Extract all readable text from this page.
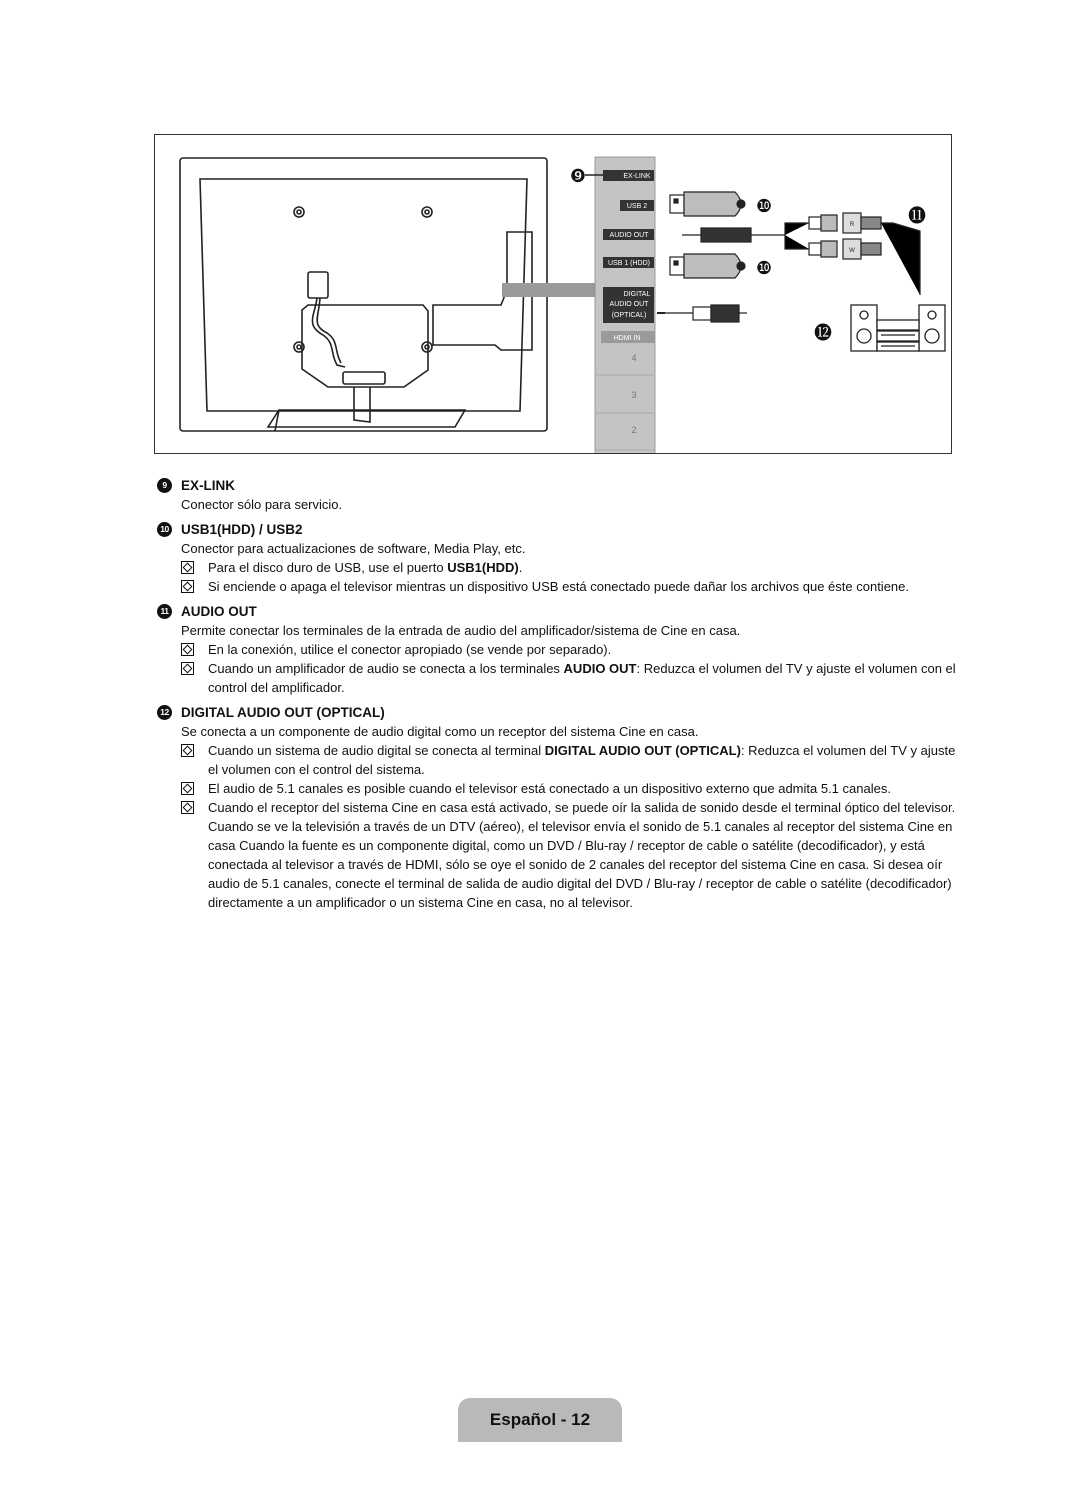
EX-LINK
USB 2
AUDIO OUT
USB 1 (HDD)
DIGITAL
AUDIO OUT
(OPTICAL)
HDMI IN
4
3
2
R
W
❾
❿	⓫
❿
⓬
9	EX-LINK
Conector sólo para servicio.
10 USB1(HDD) / USB2
Conector para actualizaciones de software, Media Play, etc.
Para el disco duro de USB, use el puerto USB1(HDD).
Si enciende o apaga el televisor mientras un dispositivo USB está conectado puede dañar los archivos que éste contiene.
11 AUDIO OUT
Permite conectar los terminales de la entrada de audio del amplificador/sistema de Cine en casa.
En la conexión, utilice el conector apropiado (se vende por separado).
Cuando un amplificador de audio se conecta a los terminales AUDIO OUT: Reduzca el volumen del TV y ajuste el volumen con el control del amplificador.
12 DIGITAL AUDIO OUT (OPTICAL)
Se conecta a un componente de audio digital como un receptor del sistema Cine en casa.
Cuando un sistema de audio digital se conecta al terminal DIGITAL AUDIO OUT (OPTICAL): Reduzca el volumen del TV y ajuste el volumen con el control del sistema.
El audio de 5.1 canales es posible cuando el televisor está conectado a un dispositivo externo que admita 5.1 canales.
Cuando el receptor del sistema Cine en casa está activado, se puede oír la salida de sonido desde el terminal óptico del televisor. Cuando se ve la televisión a través de un DTV (aéreo), el televisor envía el sonido de 5.1 canales al receptor del sistema Cine en casa Cuando la fuente es un componente digital, como un DVD / Blu-ray / receptor de cable o satélite (decodificador), y está conectada al televisor a través de HDMI, sólo se oye el sonido de 2 canales del receptor del sistema Cine en casa. Si desea oír audio de 5.1 canales, conecte el terminal de salida de audio digital del DVD / Blu-ray / receptor de cable o satélite (decodificador) directamente a un amplificador o un sistema Cine en casa, no al televisor.
Español - 12
